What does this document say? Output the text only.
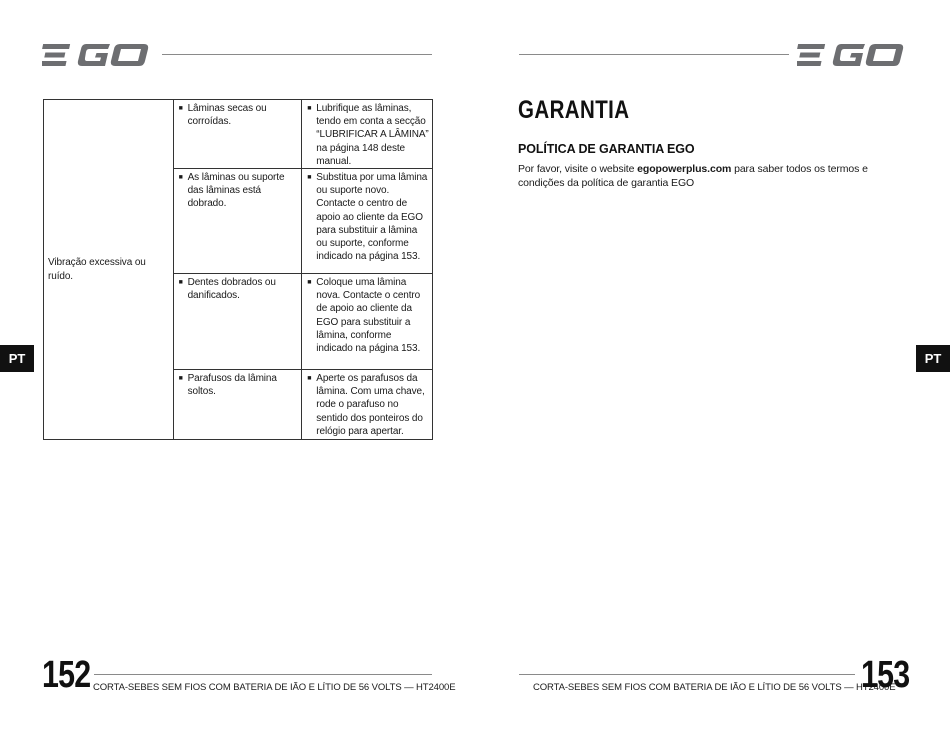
Vibração excessiva ou ruído.	■ Lâminas secas ou corroídas.	■ Lubrifique as lâminas, tendo em conta a secção “LUBRIFICAR A LÂMINA” na página 148 deste manual.

	■ As lâminas ou suporte das lâminas está dobrado.	■ Substitua por uma lâmina ou suporte novo. Contacte o centro de apoio ao cliente da EGO para substituir a lâmina ou suporte, conforme indicado na página 153.

	■ Dentes dobrados ou danificados.	■ Coloque uma lâmina nova. Contacte o centro de apoio ao cliente da EGO para substituir a lâmina, conforme indicado na página 153.

	■ Parafusos da lâmina soltos.	■ Aperte os parafusos da lâmina. Com uma chave, rode o parafuso no sentido dos ponteiros do relógio para apertar.
PT
152 CORTA-SEBES SEM FIOS COM BATERIA DE IÃO E LÍTIO DE 56 VOLTS — HT2400E
GARANTIA
POLÍTICA DE GARANTIA EGO
Por favor, visite o website egopowerplus.com para saber todos os termos e condições da política de garantia EGO
PT
CORTA-SEBES SEM FIOS COM BATERIA DE IÃO E LÍTIO DE 56 VOLTS — HT2400E
153
